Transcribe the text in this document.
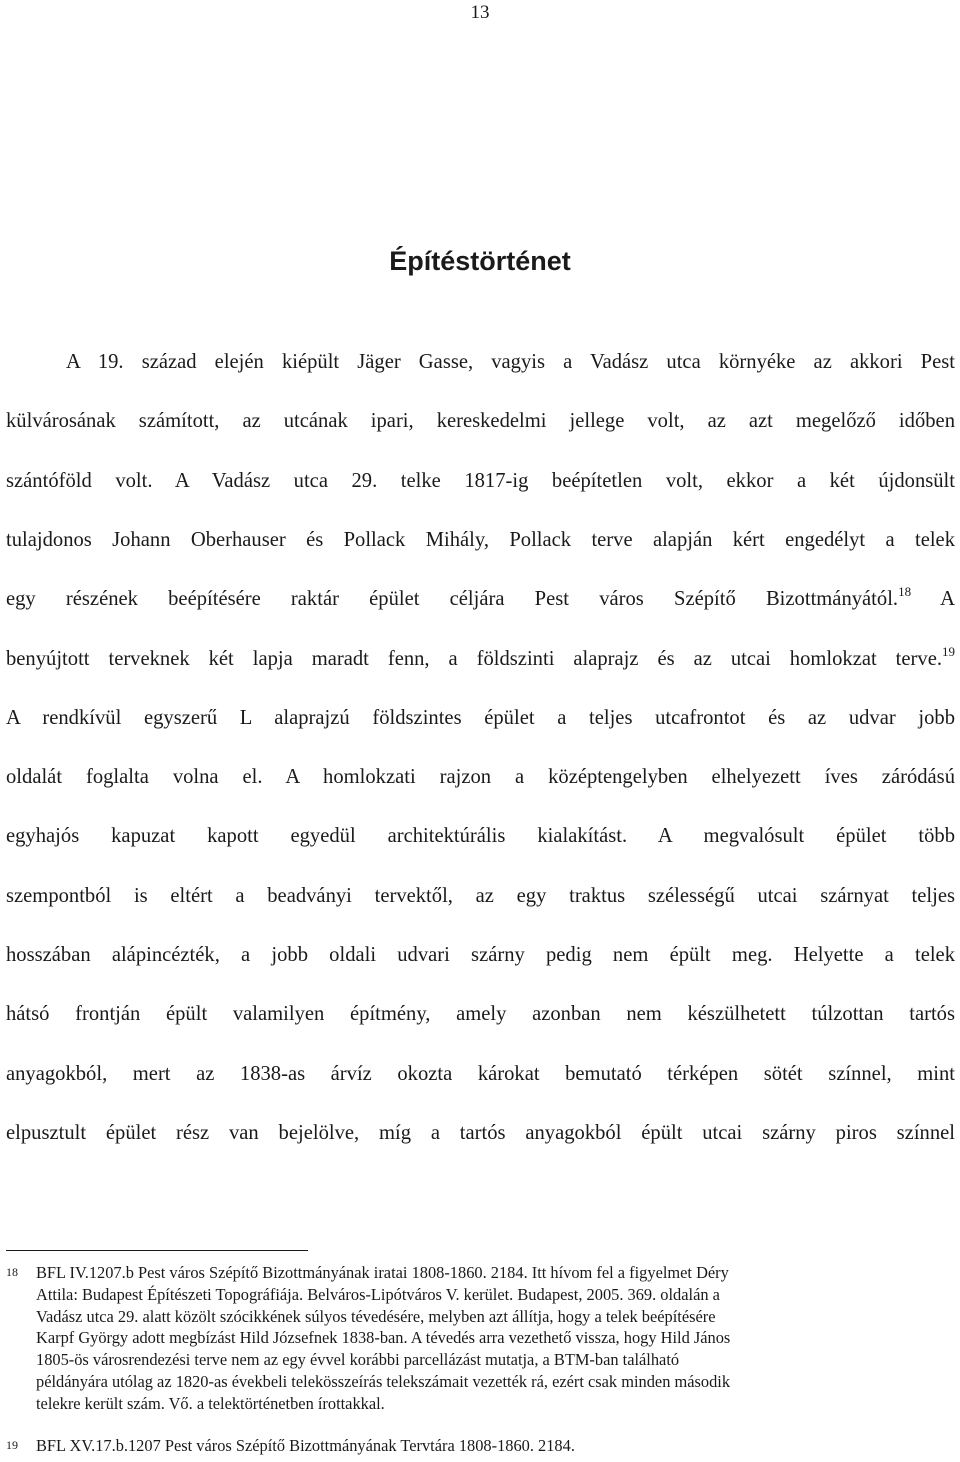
13
Építéstörténet
A 19. század elején kiépült Jäger Gasse, vagyis a Vadász utca környéke az akkori Pest
külvárosának számított, az utcának ipari, kereskedelmi jellege volt, az azt megelőző időben
szántóföld volt. A Vadász utca 29. telke 1817-ig beépítetlen volt, ekkor a két újdonsült
tulajdonos Johann Oberhauser és Pollack Mihály, Pollack terve alapján kért engedélyt a telek
egy részének beépítésére raktár épület céljára Pest város Szépítő Bizottmányától.$^{18}$ A
benyújtott terveknek két lapja maradt fenn, a földszinti alaprajz és az utcai homlokzat terve.$^{19}$
A rendkívül egyszerű L alaprajzú földszintes épület a teljes utcafrontot és az udvar jobb
oldalát foglalta volna el. A homlokzati rajzon a középtengelyben elhelyezett íves záródású
egyhajós kapuzat kapott egyedül architektúrális kialakítást. A megvalósult épület több
szempontból is eltért a beadványi tervektől, az egy traktus szélességű utcai szárnyat teljes
hosszában alápincézték, a jobb oldali udvari szárny pedig nem épült meg. Helyette a telek
hátsó frontján épült valamilyen építmény, amely azonban nem készülhetett túlzottan tartós
anyagokból, mert az 1838-as árvíz okozta károkat bemutató térképen sötét színnel, mint
elpusztult épület rész van bejelölve, míg a tartós anyagokból épült utcai szárny piros színnel
18 BFL IV.1207.b Pest város Szépítő Bizottmányának iratai 1808-1860. 2184. Itt hívom fel a figyelmet Déry
Attila: Budapest Építészeti Topográfiája. Belváros-Lipótváros V. kerület. Budapest, 2005. 369. oldalán a
Vadász utca 29. alatt közölt szócikkének súlyos tévedésére, melyben azt állítja, hogy a telek beépítésére
Karpf György adott megbízást Hild Józsefnek 1838-ban. A tévedés arra vezethető vissza, hogy Hild János
1805-ös városrendezési terve nem az egy évvel korábbi parcellázást mutatja, a BTM-ban található
példányára utólag az 1820-as évekbeli telekösszeírás telekszámait vezették rá, ezért csak minden második
telekre került szám. Vő. a telektörténetben írottakkal.
19 BFL XV.17.b.1207 Pest város Szépítő Bizottmányának Tervtára 1808-1860. 2184.
